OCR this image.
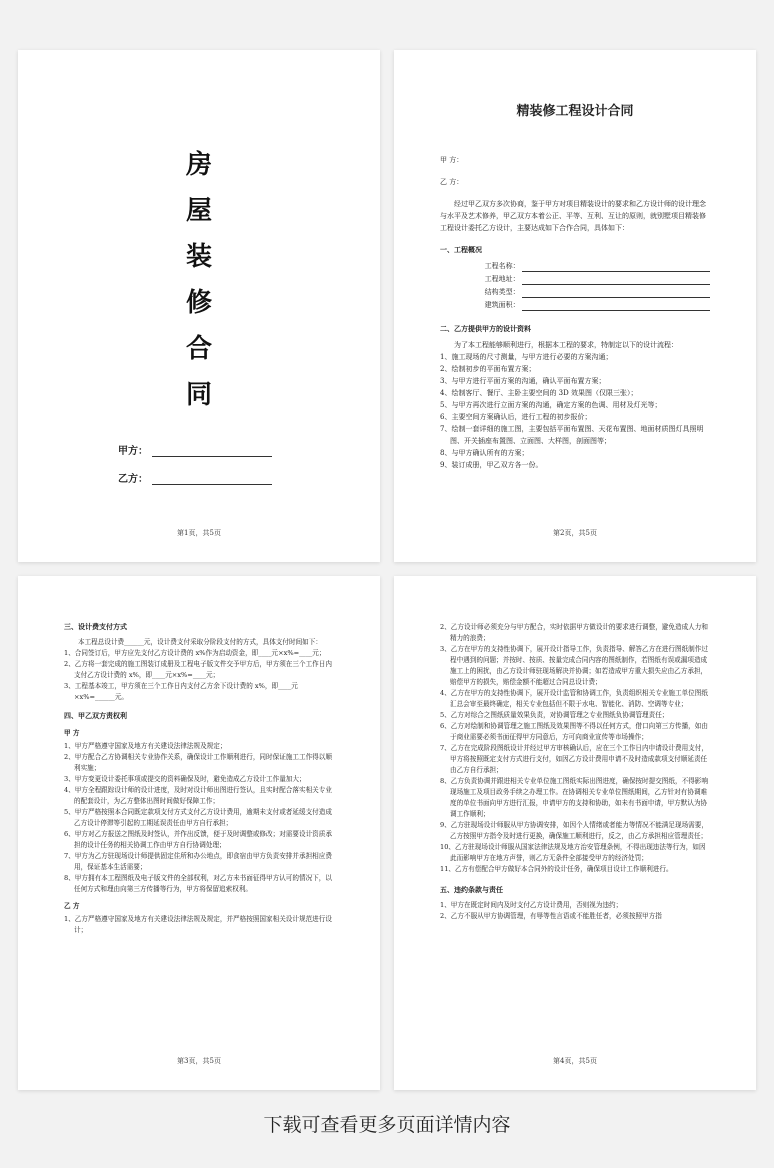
房
屋
装
修
合
同
甲方：
乙方：
第1页，共5页
精装修工程设计合同

甲 方：

乙 方：

经过甲乙双方多次协商，鉴于甲方对项目精装设计的要求和乙方设计师的设计理念与水平及艺术修养，甲乙双方本着公正、平等、互利、互让的原则，就别墅项目精装修工程设计委托乙方设计，主要达成如下合作合同，具体如下：

一、工程概况
工程名称：
工程地址：
结构类型：
建筑面积：
二、乙方提供甲方的设计资料

为了本工程能够顺利进行，根据本工程的要求，特制定以下的设计流程：

1、施工现场的尺寸测量，与甲方进行必要的方案沟通；

2、绘制初步的平面布置方案；

3、与甲方进行平面方案的沟通，确认平面布置方案；

4、绘制客厅、餐厅、主卧主要空间的 3D 效果图（仅限三张）；

5、与甲方再次进行立面方案的沟通，确定方案的色调、用材及灯光等；

6、主要空间方案确认后，进行工程的初步报价；

7、绘制一套详细的施工图，主要包括平面布置图、天花布置图、地面材质图灯具照明图、开关插座布置图、立面图、大样图，剖面图等；

8、与甲方确认所有的方案；

9、装订成册，甲乙双方各一份。

第2页，共5页
三、设计费支付方式

本工程总设计费______元，设计费支付采取分阶段支付的方式，具体支付时间如下：

1、合同签订后，甲方应先支付乙方设计费的 x%作为启动资金，即____元×x%=____元；

2、乙方将一套完成的施工图装订成册及工程电子版文件交予甲方后，甲方须在三个工作日内支付乙方设计费的 x%，即____元×x%=____元；

3、工程基本竣工，甲方须在三个工作日内支付乙方余下设计费的 x%，即____元×x%=______元。

四、甲乙双方责权利
甲 方

1、甲方严格遵守国家及地方有关建设法律法规及规定；

2、甲方配合乙方协调相关专业协作关系，确保设计工作顺利进行，同时保证施工工作得以顺利实施；

3、甲方变更设计委托事项或提交的资料确保及时，避免造成乙方设计工作量加大；

4、甲方全程跟踪设计师的设计进度，及时对设计师出图进行签认，且实时配合落实相关专业的配套设计，为乙方整体出图时间做好保障工作；

5、甲方严格按照本合同既定款项支付方式支付乙方设计费用，逾期未支付或者延缓支付造成乙方设计停滞等引起的工期延误责任由甲方自行承担；

6、甲方对乙方报送之图纸及时签认，并作出反馈，便于及时调整或修改；对需要设计资质承担的设计任务的相关协调工作由甲方自行协调处理；

7、甲方为乙方驻现场设计师提供固定住所和办公地点，即食宿由甲方负责安排并承担相应费用，保证基本生活需要；

8、甲方拥有本工程图纸及电子版文件的全部权利，对乙方未书面征得甲方认可的情况下，以任何方式和理由向第三方传播等行为，甲方将保留追索权利。

乙 方

1、乙方严格遵守国家及地方有关建设法律法规及规定，并严格按照国家相关设计规范进行设计；

第3页，共5页

2、乙方设计师必须充分与甲方配合，实时依据甲方做设计的要求进行调整，避免造成人力和精力的浪费；

3、乙方在甲方的支持性协调下，展开设计指导工作，负责指导、解答乙方在进行图纸制作过程中遇到的问题；并按时、按质、按量完成合同内容的图纸制作，若图纸有误或漏项造成施工上的困扰，由乙方设计师驻现场解决并协调；如若造成甲方重大损失应由乙方承担，赔偿甲方的损失，赔偿金额不能超过合同总设计费；

4、乙方在甲方的支持性协调下，展开设计监管和协调工作，负责组织相关专业施工单位图纸汇总会审至最终确定，相关专业包括但不限于水电、智能化、消防、空调等专业；

5、乙方对综合之图纸质量效果负责，对协调管理之专业图纸负协调管理责任；

6、乙方对绘制和协调管理之施工图纸及效果图等不得以任何方式，借口向第三方传播，如由于商业需要必须书面征得甲方同意后，方可向商业宣传等市场操作；

7、乙方在完成阶段图纸设计并经过甲方审核确认后，应在三个工作日内申请设计费用支付，甲方将按照既定支付方式进行支付，如因乙方设计费用申请不及时造成款项支付顺延责任由乙方自行承担；

8、乙方负责协调并跟进相关专业单位施工图纸实际出图进度，确保按时提交图纸，不得影响现场施工及项目政务手续之办理工作。在协调相关专业单位图纸期间，乙方针对有协调难度的单位书面向甲方进行汇报，申请甲方的支持和协助，如未有书面申请，甲方默认为协调工作顺利；

9、乙方驻现场设计师服从甲方协调安排，如因个人情绪或者能力等情况不能满足现场需要，乙方按照甲方指令及时进行更换，确保施工顺利进行，反之，由乙方承担相应管理责任；

10、乙方驻现场设计师服从国家法律法规及地方治安管理条例，不得出现违法等行为，如因此而影响甲方在地方声誉，则乙方无条件全部接受甲方的经济处罚；

11、乙方有偿配合甲方做好本合同外的设计任务，确保项目设计工作顺利进行。

五、违约条款与责任

1、甲方在既定时间内及时支付乙方设计费用，否则视为违约；

2、乙方不服从甲方协调管理，有辱等性言语或不能胜任者，必须按照甲方指

第4页，共5页
下载可查看更多页面详情内容
